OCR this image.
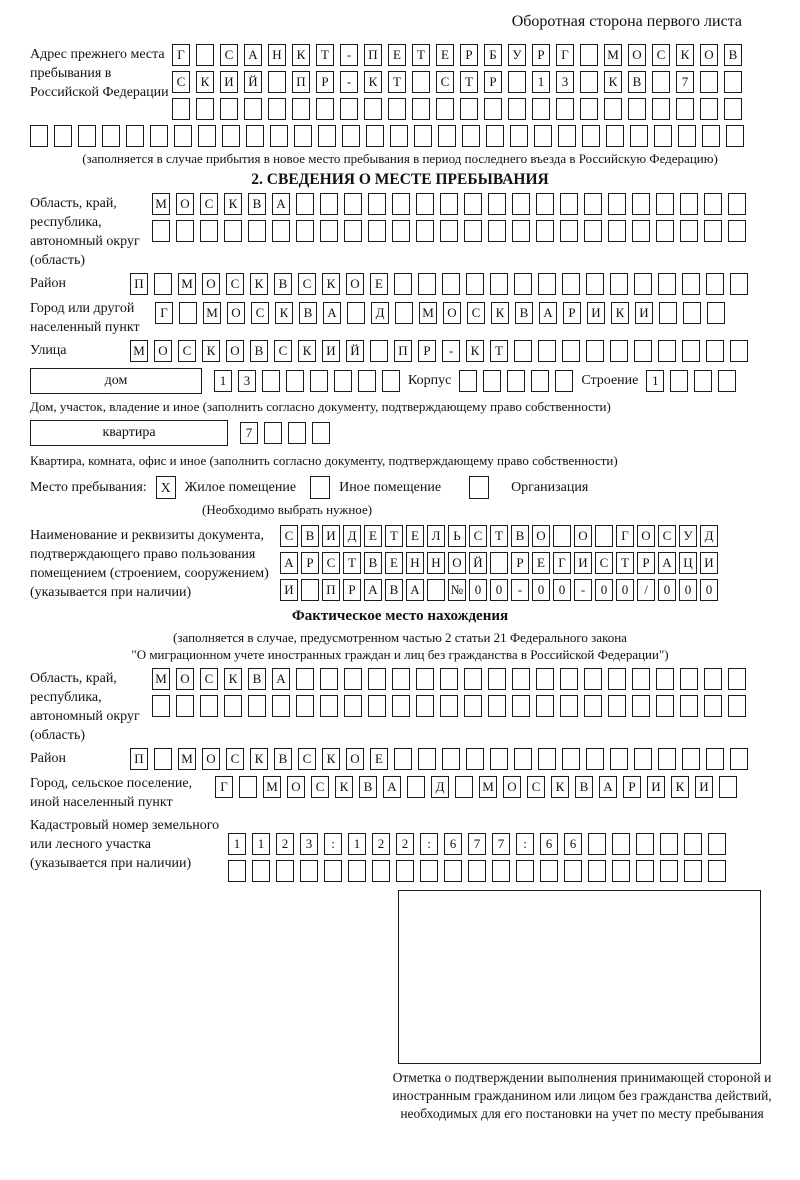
Оборотная сторона первого листа
Адрес прежнего места пребывания в Российской Федерации
Г	С	А	Н	К	Т	-	П	Е	Т	Е	Р	Б	У	Р	Г	М	О	С	К	О	В
С	К	И	Й	П	Р	-	К	Т	С	Т	Р	1	3	К	В	7
(заполняется в случае прибытия в новое место пребывания в период последнего въезда в Российскую Федерацию)
2. СВЕДЕНИЯ О МЕСТЕ ПРЕБЫВАНИЯ
Область, край, республика, автономный округ (область)
М	О	С	К	В	А
Район	П	М	О	С	К	В	С	К	О	Е
Город или другой населенный пункт
Г	М	О	С	К	В	А	Д	М	О	С	К	В	А	Р	И	К	И
Улица	М	О	С	К	О	В	С	К	И	Й	П	Р	-	К	Т
дом	1	3	Корпус	Строение	1
Дом, участок, владение и иное (заполнить согласно документу, подтверждающему право собственности)
квартира	7
Квартира, комната, офис и иное (заполнить согласно документу, подтверждающему право собственности)
Место пребывания:	X	Жилое помещение	Иное помещение	Организация
(Необходимо выбрать нужное)
Наименование и реквизиты документа, подтверждающего право пользования помещением (строением, сооружением) (указывается при наличии)
С В И Д Е	Т	Е Л Ь С Т В О	О	Г О С У Д
А Р	С Т В Е Н Н О Й	Р	Е	Г И С Т	Р А Ц И
И	П Р А В А	№ 0	0	-	0	0	-	0	0	/	0	0	0
Фактическое место нахождения
(заполняется в случае, предусмотренном частью 2 статьи 21 Федерального закона
"О миграционном учете иностранных граждан и лиц без гражданства в Российской Федерации")
Область, край, республика, автономный округ (область)
М	О	С	К	В	А
Район	П	М	О	С	К	В	С	К	О	Е
Город, сельское поселение, иной населенный пункт
Г	М	О	С	К	В	А	Д	М	О	С	К	В	А	Р	И	К	И
Кадастровый номер земельного или лесного участка (указывается при наличии)
1	1	2	3	:	1	2	2	:	6	7	7	:	6	6
Отметка о подтверждении выполнения принимающей стороной и иностранным гражданином или лицом без гражданства действий, необходимых для его постановки на учет по месту пребывания
